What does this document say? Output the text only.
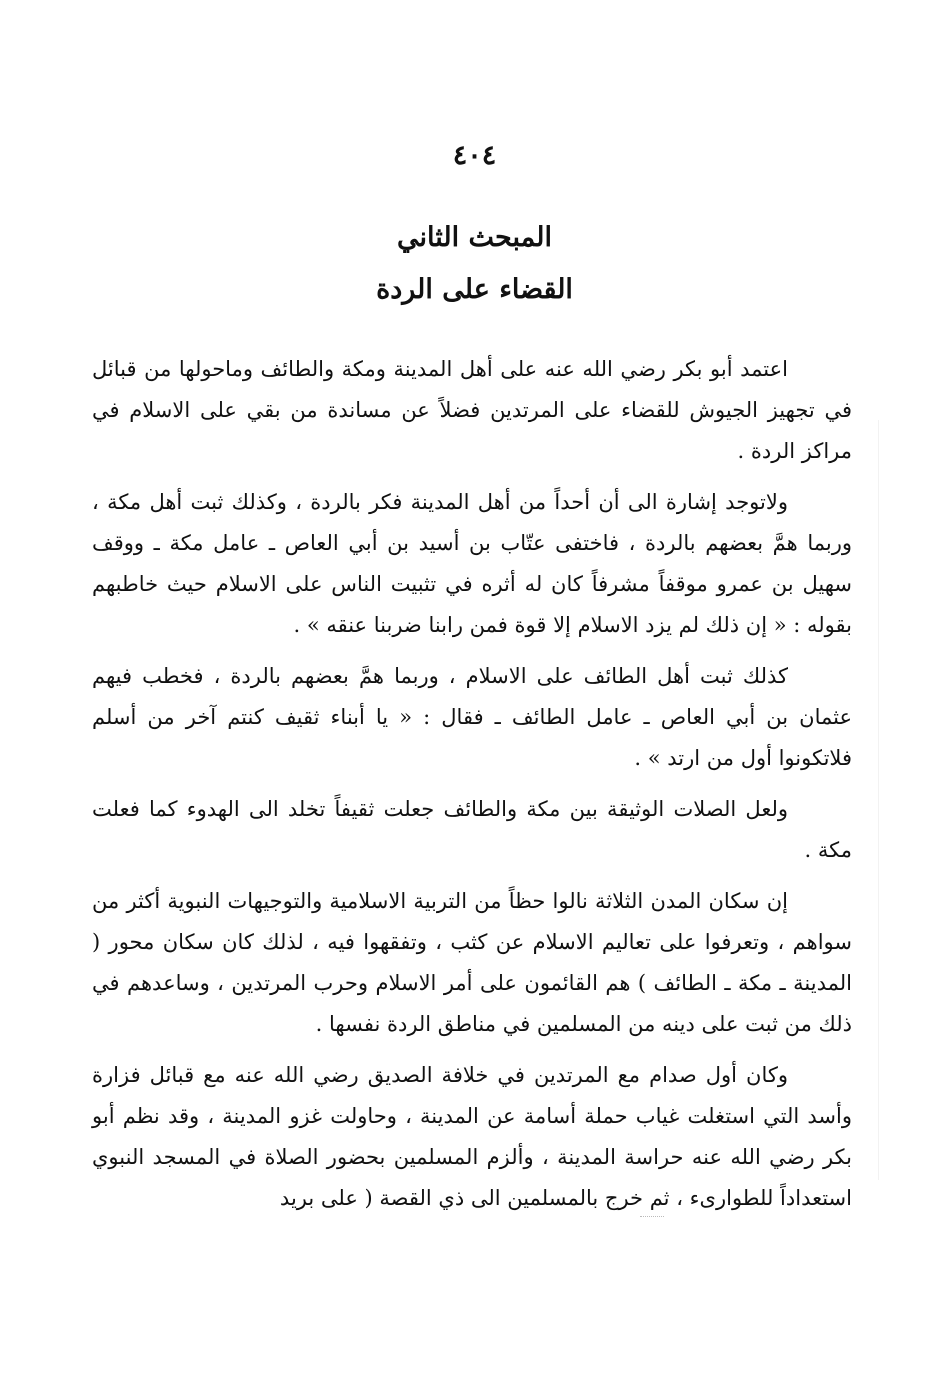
٤٠٤
المبحث الثاني
القضاء على الردة

اعتمد أبو بكر رضي الله عنه على أهل المدينة ومكة والطائف وماحولها من قبائل في تجهيز الجيوش للقضاء على المرتدين فضلاً عن مساندة من بقي على الاسلام في مراكز الردة .

ولاتوجد إشارة الى أن أحداً من أهل المدينة فكر بالردة ، وكذلك ثبت أهل مكة ، وربما همَّ بعضهم بالردة ، فاختفى عتّاب بن أسيد بن أبي العاص ـ عامل مكة ـ ووقف سهيل بن عمرو موقفاً مشرفاً كان له أثره في تثبيت الناس على الاسلام حيث خاطبهم بقوله : « إن ذلك لم يزد الاسلام إلا قوة فمن رابنا ضربنا عنقه » .

كذلك ثبت أهل الطائف على الاسلام ، وربما همَّ بعضهم بالردة ، فخطب فيهم عثمان بن أبي العاص ـ عامل الطائف ـ فقال : « يا أبناء ثقيف كنتم آخر من أسلم فلاتكونوا أول من ارتد » .

ولعل الصلات الوثيقة بين مكة والطائف جعلت ثقيفاً تخلد الى الهدوء كما فعلت مكة .

إن سكان المدن الثلاثة نالوا حظاً من التربية الاسلامية والتوجيهات النبوية أكثر من سواهم ، وتعرفوا على تعاليم الاسلام عن كثب ، وتفقهوا فيه ، لذلك كان سكان محور ( المدينة ـ مكة ـ الطائف ) هم القائمون على أمر الاسلام وحرب المرتدين ، وساعدهم في ذلك من ثبت على دينه من المسلمين في مناطق الردة نفسها .

وكان أول صدام مع المرتدين في خلافة الصديق رضي الله عنه مع قبائل فزارة وأسد التي استغلت غياب حملة أسامة عن المدينة ، وحاولت غزو المدينة ، وقد نظم أبو بكر رضي الله عنه حراسة المدينة ، وألزم المسلمين بحضور الصلاة في المسجد النبوي استعداداً للطوارىء ، ثم خرج بالمسلمين الى ذي القصة ( على بريد
